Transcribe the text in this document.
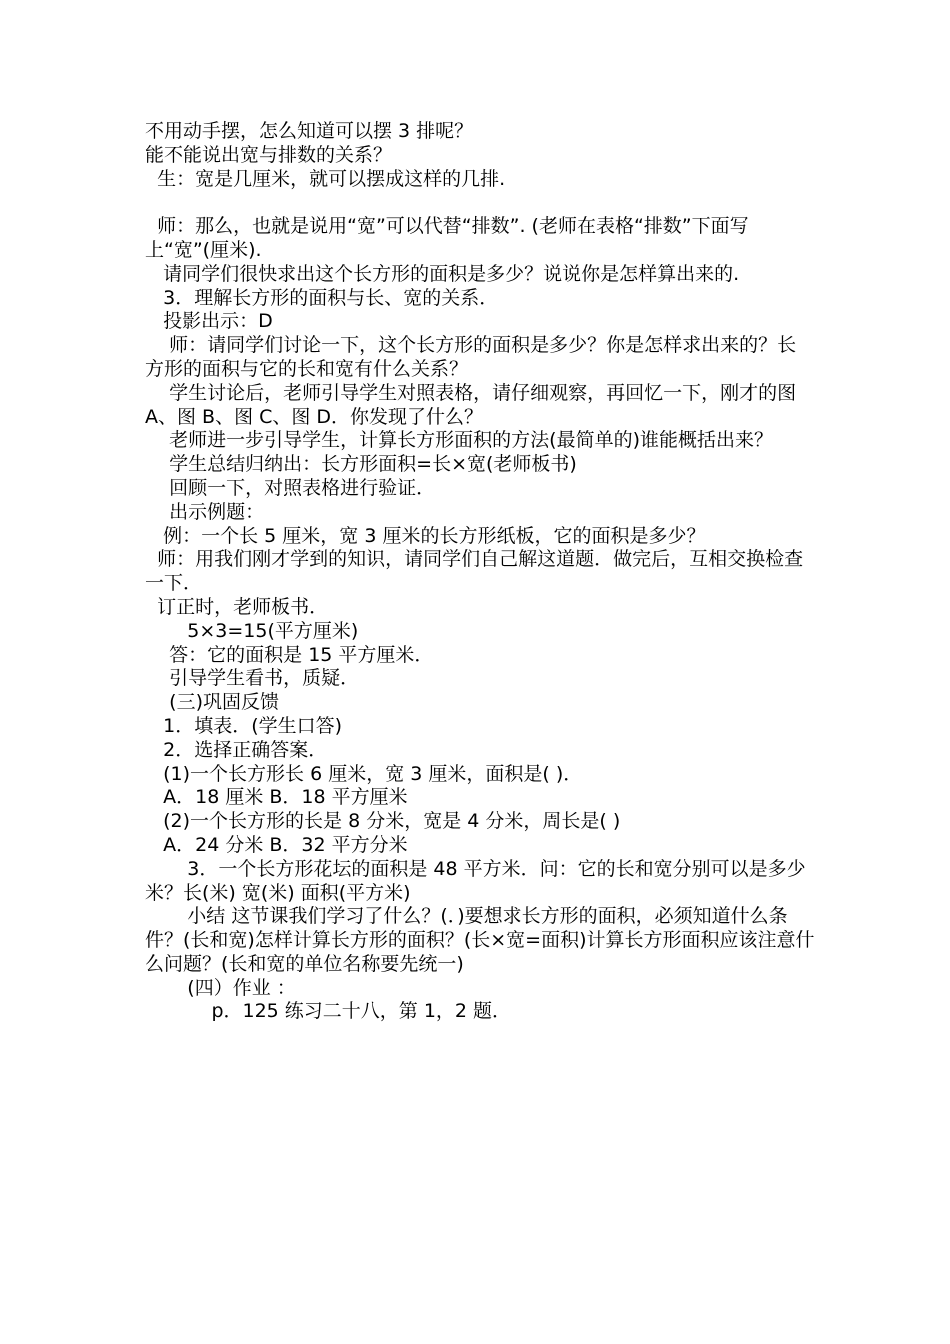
不用动手摆，怎么知道可以摆 3 排呢？

能不能说出宽与排数的关系？

生：宽是几厘米，就可以摆成这样的几排.

师：那么，也就是说用“宽”可以代替“排数”. (老师在表格“排数”下面写上“宽”(厘米).

请同学们很快求出这个长方形的面积是多少？说说你是怎样算出来的.

3．理解长方形的面积与长、宽的关系．

投影出示：D

师：请同学们讨论一下，这个长方形的面积是多少？你是怎样求出来的？长方形的面积与它的长和宽有什么关系？

学生讨论后，老师引导学生对照表格，请仔细观察，再回忆一下，刚才的图 A、图 B、图 C、图 D．你发现了什么？

老师进一步引导学生，计算长方形面积的方法(最简单的)谁能概括出来？

学生总结归纳出：长方形面积=长×宽(老师板书)

回顾一下，对照表格进行验证．

出示例题：

例：一个长 5 厘米，宽 3 厘米的长方形纸板，它的面积是多少？

师：用我们刚才学到的知识，请同学们自己解这道题．做完后，互相交换检查一下．

订正时，老师板书．

5×3=15(平方厘米)

答：它的面积是 15 平方厘米．

引导学生看书，质疑．

(三)巩固反馈

1．填表．(学生口答)

2．选择正确答案．

(1)一个长方形长 6 厘米，宽 3 厘米，面积是( )．

A．18 厘米 B．18 平方厘米

(2)一个长方形的长是 8 分米，宽是 4 分米，周长是( )

A．24 分米 B．32 平方分米

3．一个长方形花坛的面积是 48 平方米．问：它的长和宽分别可以是多少米？长(米) 宽(米) 面积(平方米)

小结 这节课我们学习了什么？(．)要想求长方形的面积，必须知道什么条件？(长和宽)怎样计算长方形的面积？(长×宽=面积)计算长方形面积应该注意什么问题？(长和宽的单位名称要先统一)

(四）作业 ：

p．125 练习二十八，第 1，2 题．
